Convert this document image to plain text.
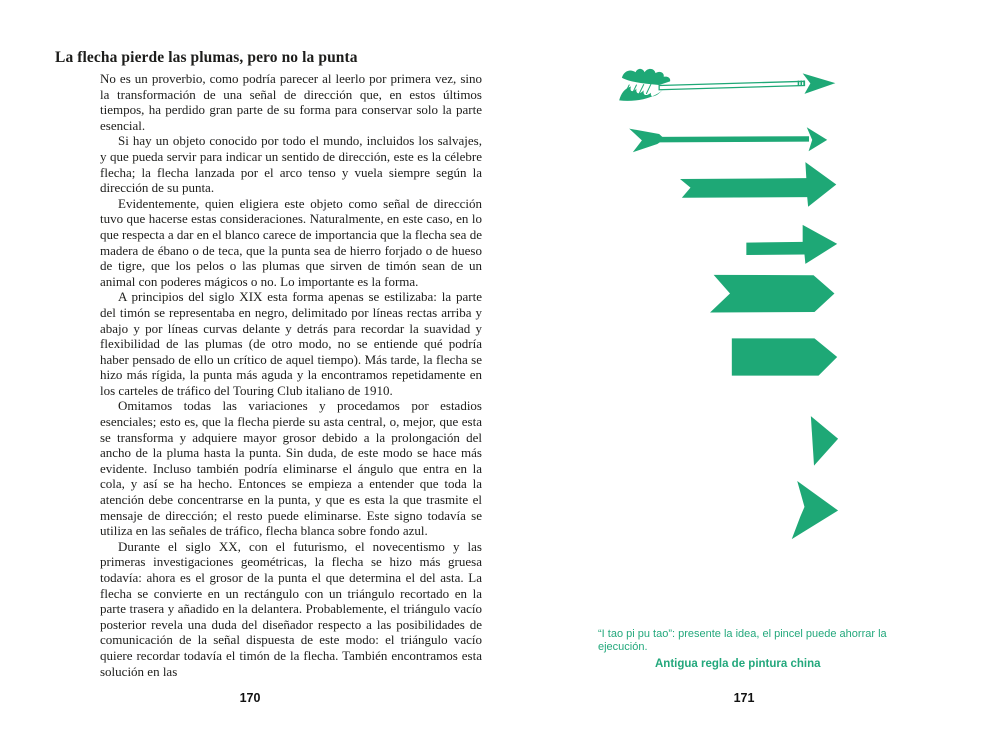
La flecha pierde las plumas, pero no la punta

No es un proverbio, como podría parecer al leerlo por primera vez, sino la transformación de una señal de dirección que, en estos últimos tiempos, ha perdido gran parte de su forma para conservar solo la parte esencial.

Si hay un objeto conocido por todo el mundo, incluidos los salvajes, y que pueda servir para indicar un sentido de dirección, este es la célebre flecha; la flecha lanzada por el arco tenso y vuela siempre según la dirección de su punta.

Evidentemente, quien eligiera este objeto como señal de dirección tuvo que hacerse estas consideraciones. Naturalmente, en este caso, en lo que respecta a dar en el blanco carece de importancia que la flecha sea de madera de ébano o de teca, que la punta sea de hierro forjado o de hueso de tigre, que los pelos o las plumas que sirven de timón sean de un animal con poderes mágicos o no. Lo importante es la forma.

A principios del siglo XIX esta forma apenas se estilizaba: la parte del timón se representaba en negro, delimitado por líneas rectas arriba y abajo y por líneas curvas delante y detrás para recordar la suavidad y flexibilidad de las plumas (de otro modo, no se entiende qué podría haber pensado de ello un crítico de aquel tiempo). Más tarde, la flecha se hizo más rígida, la punta más aguda y la encontramos repetidamente en los carteles de tráfico del Touring Club italiano de 1910.

Omitamos todas las variaciones y procedamos por estadios esenciales; esto es, que la flecha pierde su asta central, o, mejor, que esta se transforma y adquiere mayor grosor debido a la prolongación del ancho de la pluma hasta la punta. Sin duda, de este modo se hace más evidente. Incluso también podría eliminarse el ángulo que entra en la cola, y así se ha hecho. Entonces se empieza a entender que toda la atención debe concentrarse en la punta, y que es esta la que trasmite el mensaje de dirección; el resto puede eliminarse. Este signo todavía se utiliza en las señales de tráfico, flecha blanca sobre fondo azul.

Durante el siglo XX, con el futurismo, el novecentismo y las primeras investigaciones geométricas, la flecha se hizo más gruesa todavía: ahora es el grosor de la punta el que determina el del asta. La flecha se convierte en un rectángulo con un triángulo recortado en la parte trasera y añadido en la delantera. Probablemente, el triángulo vacío posterior revela una duda del diseñador respecto a las posibilidades de comunicación de la señal dispuesta de este modo: el triángulo vacío quiere recordar todavía el timón de la flecha. También encontramos esta solución en las

170
“I tao pi pu tao”: presente la idea, el pincel puede ahorrar la ejecución.
Antigua regla de pintura china
171
